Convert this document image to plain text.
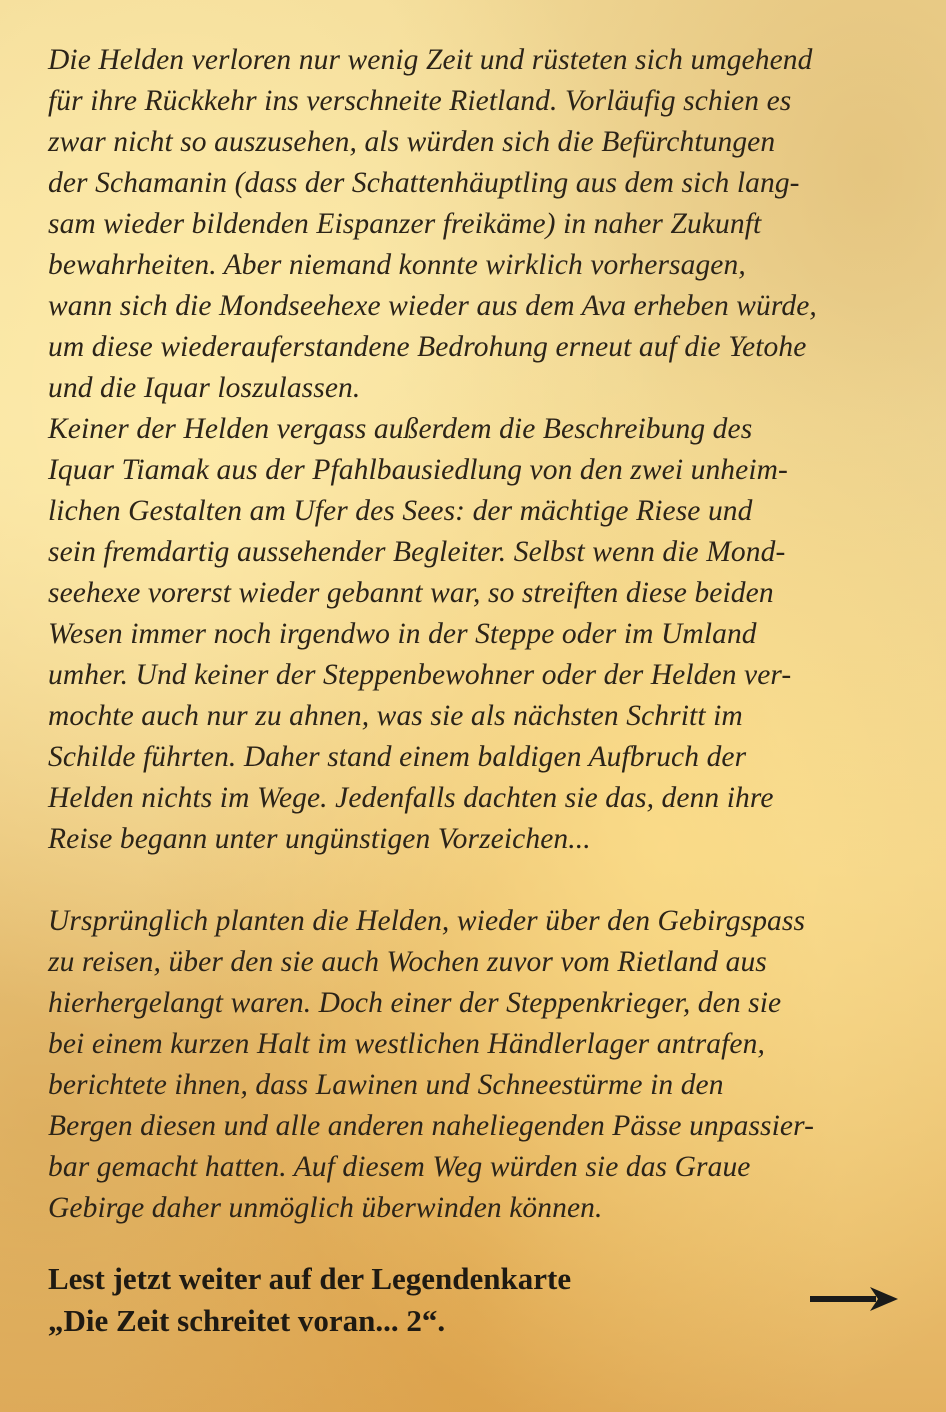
Die Helden verloren nur wenig Zeit und rüsteten sich umgehend
für ihre Rückkehr ins verschneite Rietland. Vorläufig schien es
zwar nicht so auszusehen, als würden sich die Befürchtungen
der Schamanin (dass der Schattenhäuptling aus dem sich lang-
sam wieder bildenden Eispanzer freikäme) in naher Zukunft
bewahrheiten. Aber niemand konnte wirklich vorhersagen,
wann sich die Mondseehexe wieder aus dem Ava erheben würde,
um diese wiederauferstandene Bedrohung erneut auf die Yetohe
und die Iquar loszulassen.
Keiner der Helden vergass außerdem die Beschreibung des
Iquar Tiamak aus der Pfahlbausiedlung von den zwei unheim-
lichen Gestalten am Ufer des Sees: der mächtige Riese und
sein fremdartig aussehender Begleiter. Selbst wenn die Mond-
seehexe vorerst wieder gebannt war, so streiften diese beiden
Wesen immer noch irgendwo in der Steppe oder im Umland
umher. Und keiner der Steppenbewohner oder der Helden ver-
mochte auch nur zu ahnen, was sie als nächsten Schritt im
Schilde führten. Daher stand einem baldigen Aufbruch der
Helden nichts im Wege. Jedenfalls dachten sie das, denn ihre
Reise begann unter ungünstigen Vorzeichen...
Ursprünglich planten die Helden, wieder über den Gebirgspass
zu reisen, über den sie auch Wochen zuvor vom Rietland aus
hierhergelangt waren. Doch einer der Steppenkrieger, den sie
bei einem kurzen Halt im westlichen Händlerlager antrafen,
berichtete ihnen, dass Lawinen und Schneestürme in den
Bergen diesen und alle anderen naheliegenden Pässe unpassier-
bar gemacht hatten. Auf diesem Weg würden sie das Graue
Gebirge daher unmöglich überwinden können.
Lest jetzt weiter auf der Legendenkarte
„Die Zeit schreitet voran... 2“.
